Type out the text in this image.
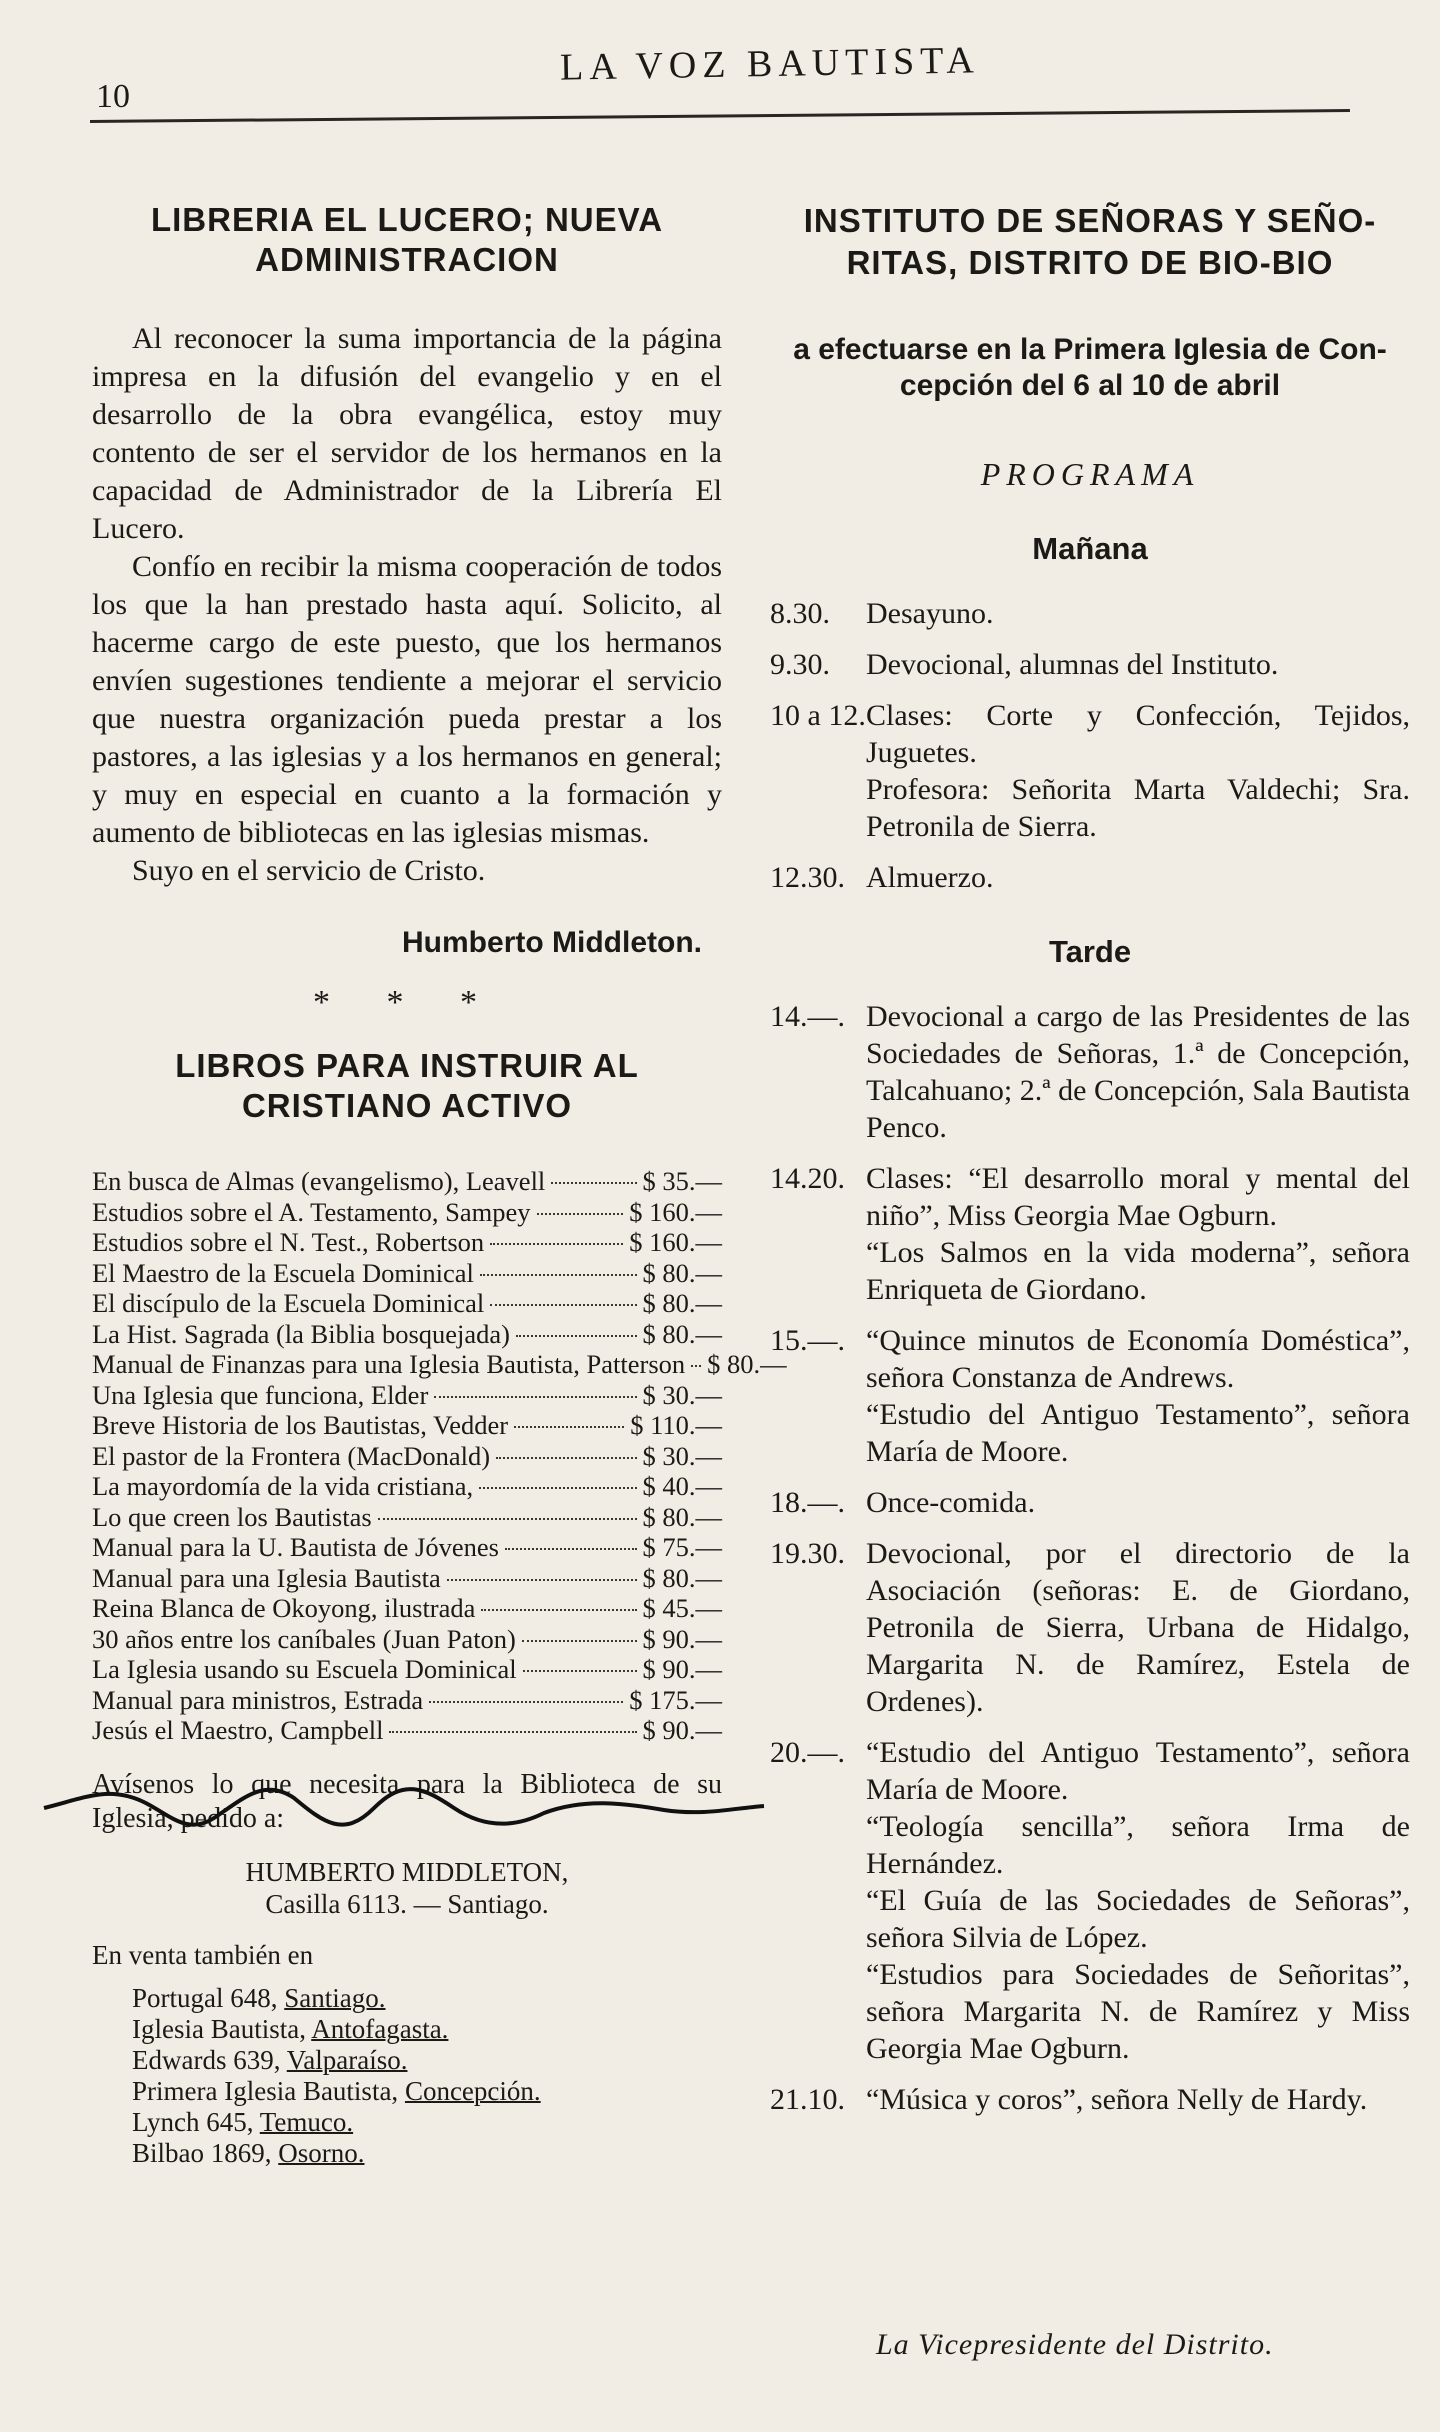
10
LA VOZ BAUTISTA

LIBRERIA EL LUCERO; NUEVA

ADMINISTRACION

Al reconocer la suma importancia de la página impresa en la difusión del evangelio y en el desarrollo de la obra evangélica, estoy muy contento de ser el servidor de los hermanos en la capacidad de Administrador de la Librería El Lucero.

Confío en recibir la misma cooperación de todos los que la han prestado hasta aquí. Solicito, al hacerme cargo de este puesto, que los hermanos envíen sugestiones tendiente a mejorar el servicio que nuestra organización pueda prestar a los pastores, a las iglesias y a los hermanos en general; y muy en especial en cuanto a la formación y aumento de bibliotecas en las iglesias mismas.

Suyo en el servicio de Cristo.

Humberto Middleton.

* * *

LIBROS PARA INSTRUIR AL

CRISTIANO ACTIVO

En busca de Almas (evangelismo), Leavell	$ 35.—
Estudios sobre el A. Testamento, Sampey	$ 160.—
Estudios sobre el N. Test., Robertson	$ 160.—
El Maestro de la Escuela Dominical	$ 80.—
El discípulo de la Escuela Dominical	$ 80.—
La Hist. Sagrada (la Biblia bosquejada)	$ 80.—
Manual de Finanzas para una Iglesia Bautista, Patterson $ 80.—
Una Iglesia que funciona, Elder	$ 30.—
Breve Historia de los Bautistas, Vedder	$ 110.—
El pastor de la Frontera (MacDonald)	$ 30.—
La mayordomía de la vida cristiana,	$ 40.—
Lo que creen los Bautistas	$ 80.—
Manual para la U. Bautista de Jóvenes	$ 75.—
Manual para una Iglesia Bautista	$ 80.—
Reina Blanca de Okoyong, ilustrada	$ 45.—
30 años entre los caníbales (Juan Paton)	$ 90.—
La Iglesia usando su Escuela Dominical	$ 90.—
Manual para ministros, Estrada	$ 175.—
Jesús el Maestro, Campbell	$ 90.—
Avísenos lo que necesita para la Biblioteca de su Iglesia, pedido a:
HUMBERTO MIDDLETON,
Casilla 6113. — Santiago.
En venta también en
Portugal 648, Santiago.
Iglesia Bautista, Antofagasta.
Edwards 639, Valparaíso.
Primera Iglesia Bautista, Concepción.
Lynch 645, Temuco.
Bilbao 1869, Osorno.

INSTITUTO DE SEÑORAS Y SEÑO-

RITAS, DISTRITO DE BIO-BIO

a efectuarse en la Primera Iglesia de Con-

cepción del 6 al 10 de abril

PROGRAMA

Mañana
8.30.	Desayuno.
9.30.	Devocional, alumnas del Instituto.
10 a 12. Clases: Corte y Confección, Tejidos, Juguetes.
Profesora: Señorita Marta Valdechi; Sra. Petronila de Sierra.
12.30. Almuerzo.
Tarde
14.—. Devocional a cargo de las Presidentes de las Sociedades de Señoras, 1.ª de Concepción, Talcahuano; 2.ª de Concepción, Sala Bautista Penco.
14.20. Clases: “El desarrollo moral y mental del niño”, Miss Georgia Mae Ogburn.
“Los Salmos en la vida moderna”, señora Enriqueta de Giordano.
15.—. “Quince minutos de Economía Doméstica”, señora Constanza de Andrews.
“Estudio del Antiguo Testamento”, señora María de Moore.
18.—. Once-comida.
19.30. Devocional, por el directorio de la Asociación (señoras: E. de Giordano, Petronila de Sierra, Urbana de Hidalgo, Margarita N. de Ramírez, Estela de Ordenes).
20.—. “Estudio del Antiguo Testamento”, señora María de Moore.
“Teología sencilla”, señora Irma de Hernández.
“El Guía de las Sociedades de Señoras”, señora Silvia de López.
“Estudios para Sociedades de Señoritas”, señora Margarita N. de Ramírez y Miss Georgia Mae Ogburn.
21.10. “Música y coros”, señora Nelly de Hardy.
La Vicepresidente del Distrito.
